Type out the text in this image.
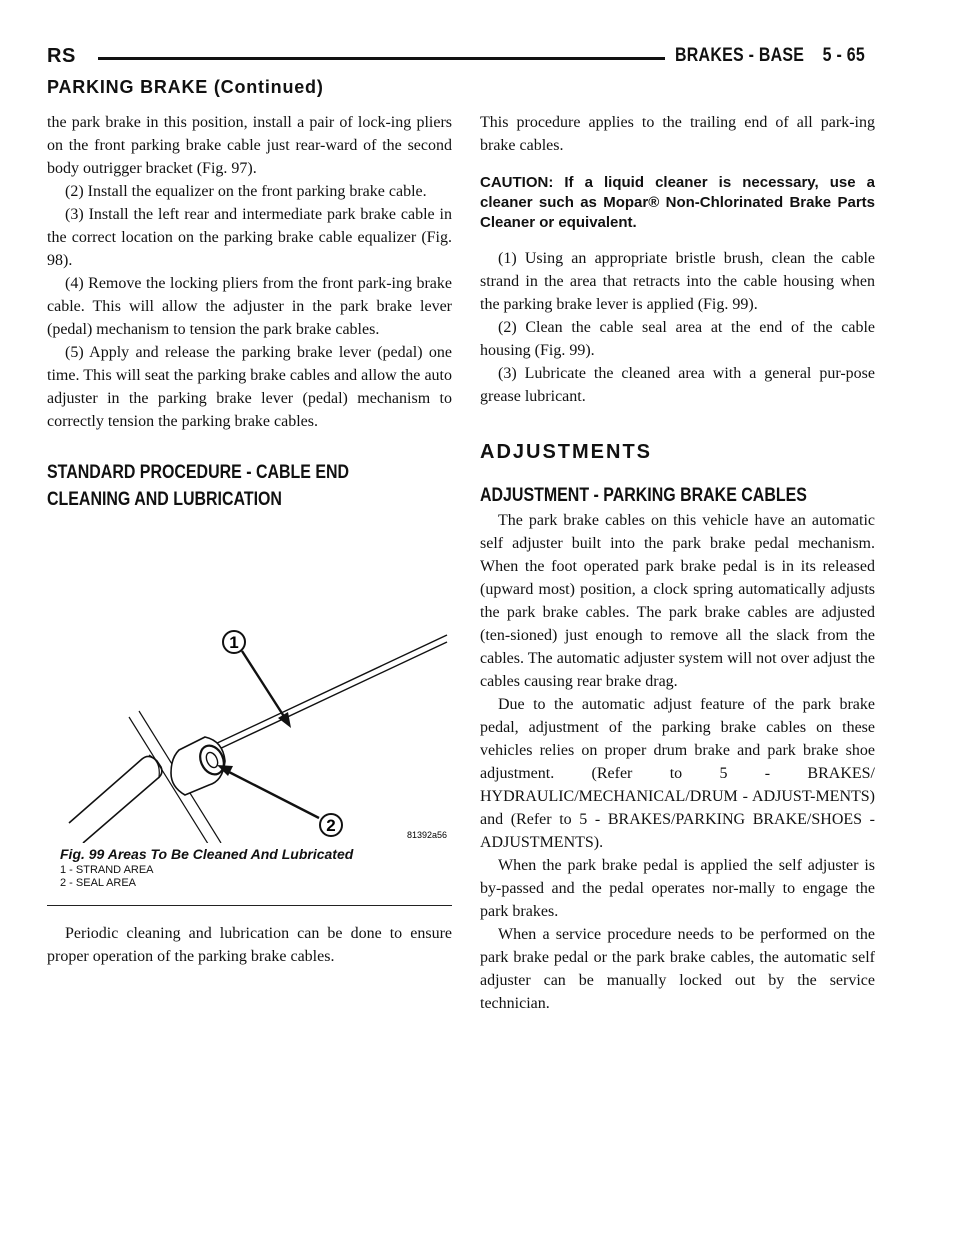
RS	BRAKES - BASE 5 - 65
PARKING BRAKE (Continued)

the park brake in this position, install a pair of lock-ing pliers on the front parking brake cable just rear-ward of the second body outrigger bracket (Fig. 97).

(2) Install the equalizer on the front parking brake cable.

(3) Install the left rear and intermediate park brake cable in the correct location on the parking brake cable equalizer (Fig. 98).

(4) Remove the locking pliers from the front park-ing brake cable. This will allow the adjuster in the park brake lever (pedal) mechanism to tension the park brake cables.

(5) Apply and release the parking brake lever (pedal) one time. This will seat the parking brake cables and allow the auto adjuster in the parking brake lever (pedal) mechanism to correctly tension the parking brake cables.

STANDARD PROCEDURE - CABLE END
CLEANING AND LUBRICATION
1
2	81392a56
Fig. 99 Areas To Be Cleaned And Lubricated
1 - STRAND AREA
2 - SEAL AREA

Periodic cleaning and lubrication can be done to ensure proper operation of the parking brake cables.

This procedure applies to the trailing end of all park-ing brake cables.

CAUTION: If a liquid cleaner is necessary, use a cleaner such as Mopar® Non-Chlorinated Brake Parts Cleaner or equivalent.

(1) Using an appropriate bristle brush, clean the cable strand in the area that retracts into the cable housing when the parking brake lever is applied (Fig. 99).

(2) Clean the cable seal area at the end of the cable housing (Fig. 99).

(3) Lubricate the cleaned area with a general pur-pose grease lubricant.

ADJUSTMENTS
ADJUSTMENT - PARKING BRAKE CABLES

The park brake cables on this vehicle have an automatic self adjuster built into the park brake pedal mechanism. When the foot operated park brake pedal is in its released (upward most) position, a clock spring automatically adjusts the park brake cables. The park brake cables are adjusted (ten-sioned) just enough to remove all the slack from the cables. The automatic adjuster system will not over adjust the cables causing rear brake drag.

Due to the automatic adjust feature of the park brake pedal, adjustment of the parking brake cables on these vehicles relies on proper drum brake and park brake shoe adjustment. (Refer to 5 - BRAKES/ HYDRAULIC/MECHANICAL/DRUM - ADJUST-MENTS) and (Refer to 5 - BRAKES/PARKING BRAKE/SHOES - ADJUSTMENTS).

When the park brake pedal is applied the self adjuster is by-passed and the pedal operates nor-mally to engage the park brakes.

When a service procedure needs to be performed on the park brake pedal or the park brake cables, the automatic self adjuster can be manually locked out by the service technician.
